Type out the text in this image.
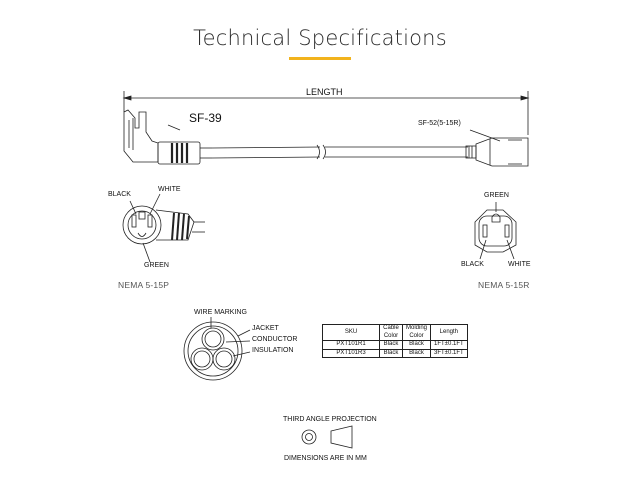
Technical Specifications
LENGTH
SF-39	SF-52(5-15R)
BLACK
WHITE
GREEN
NEMA 5-15P
GREEN
BLACK	WHITE
NEMA 5-15R
WIRE MARKING
JACKET
CONDUCTOR
INSULATION
SKU	Cable Color	Molding Color	Length
PXT101R1	Black	Black	1FT±0.1FT
PXT101R3	Black	Black	3FT±0.1FT
THIRD ANGLE PROJECTION
DIMENSIONS ARE IN MM
